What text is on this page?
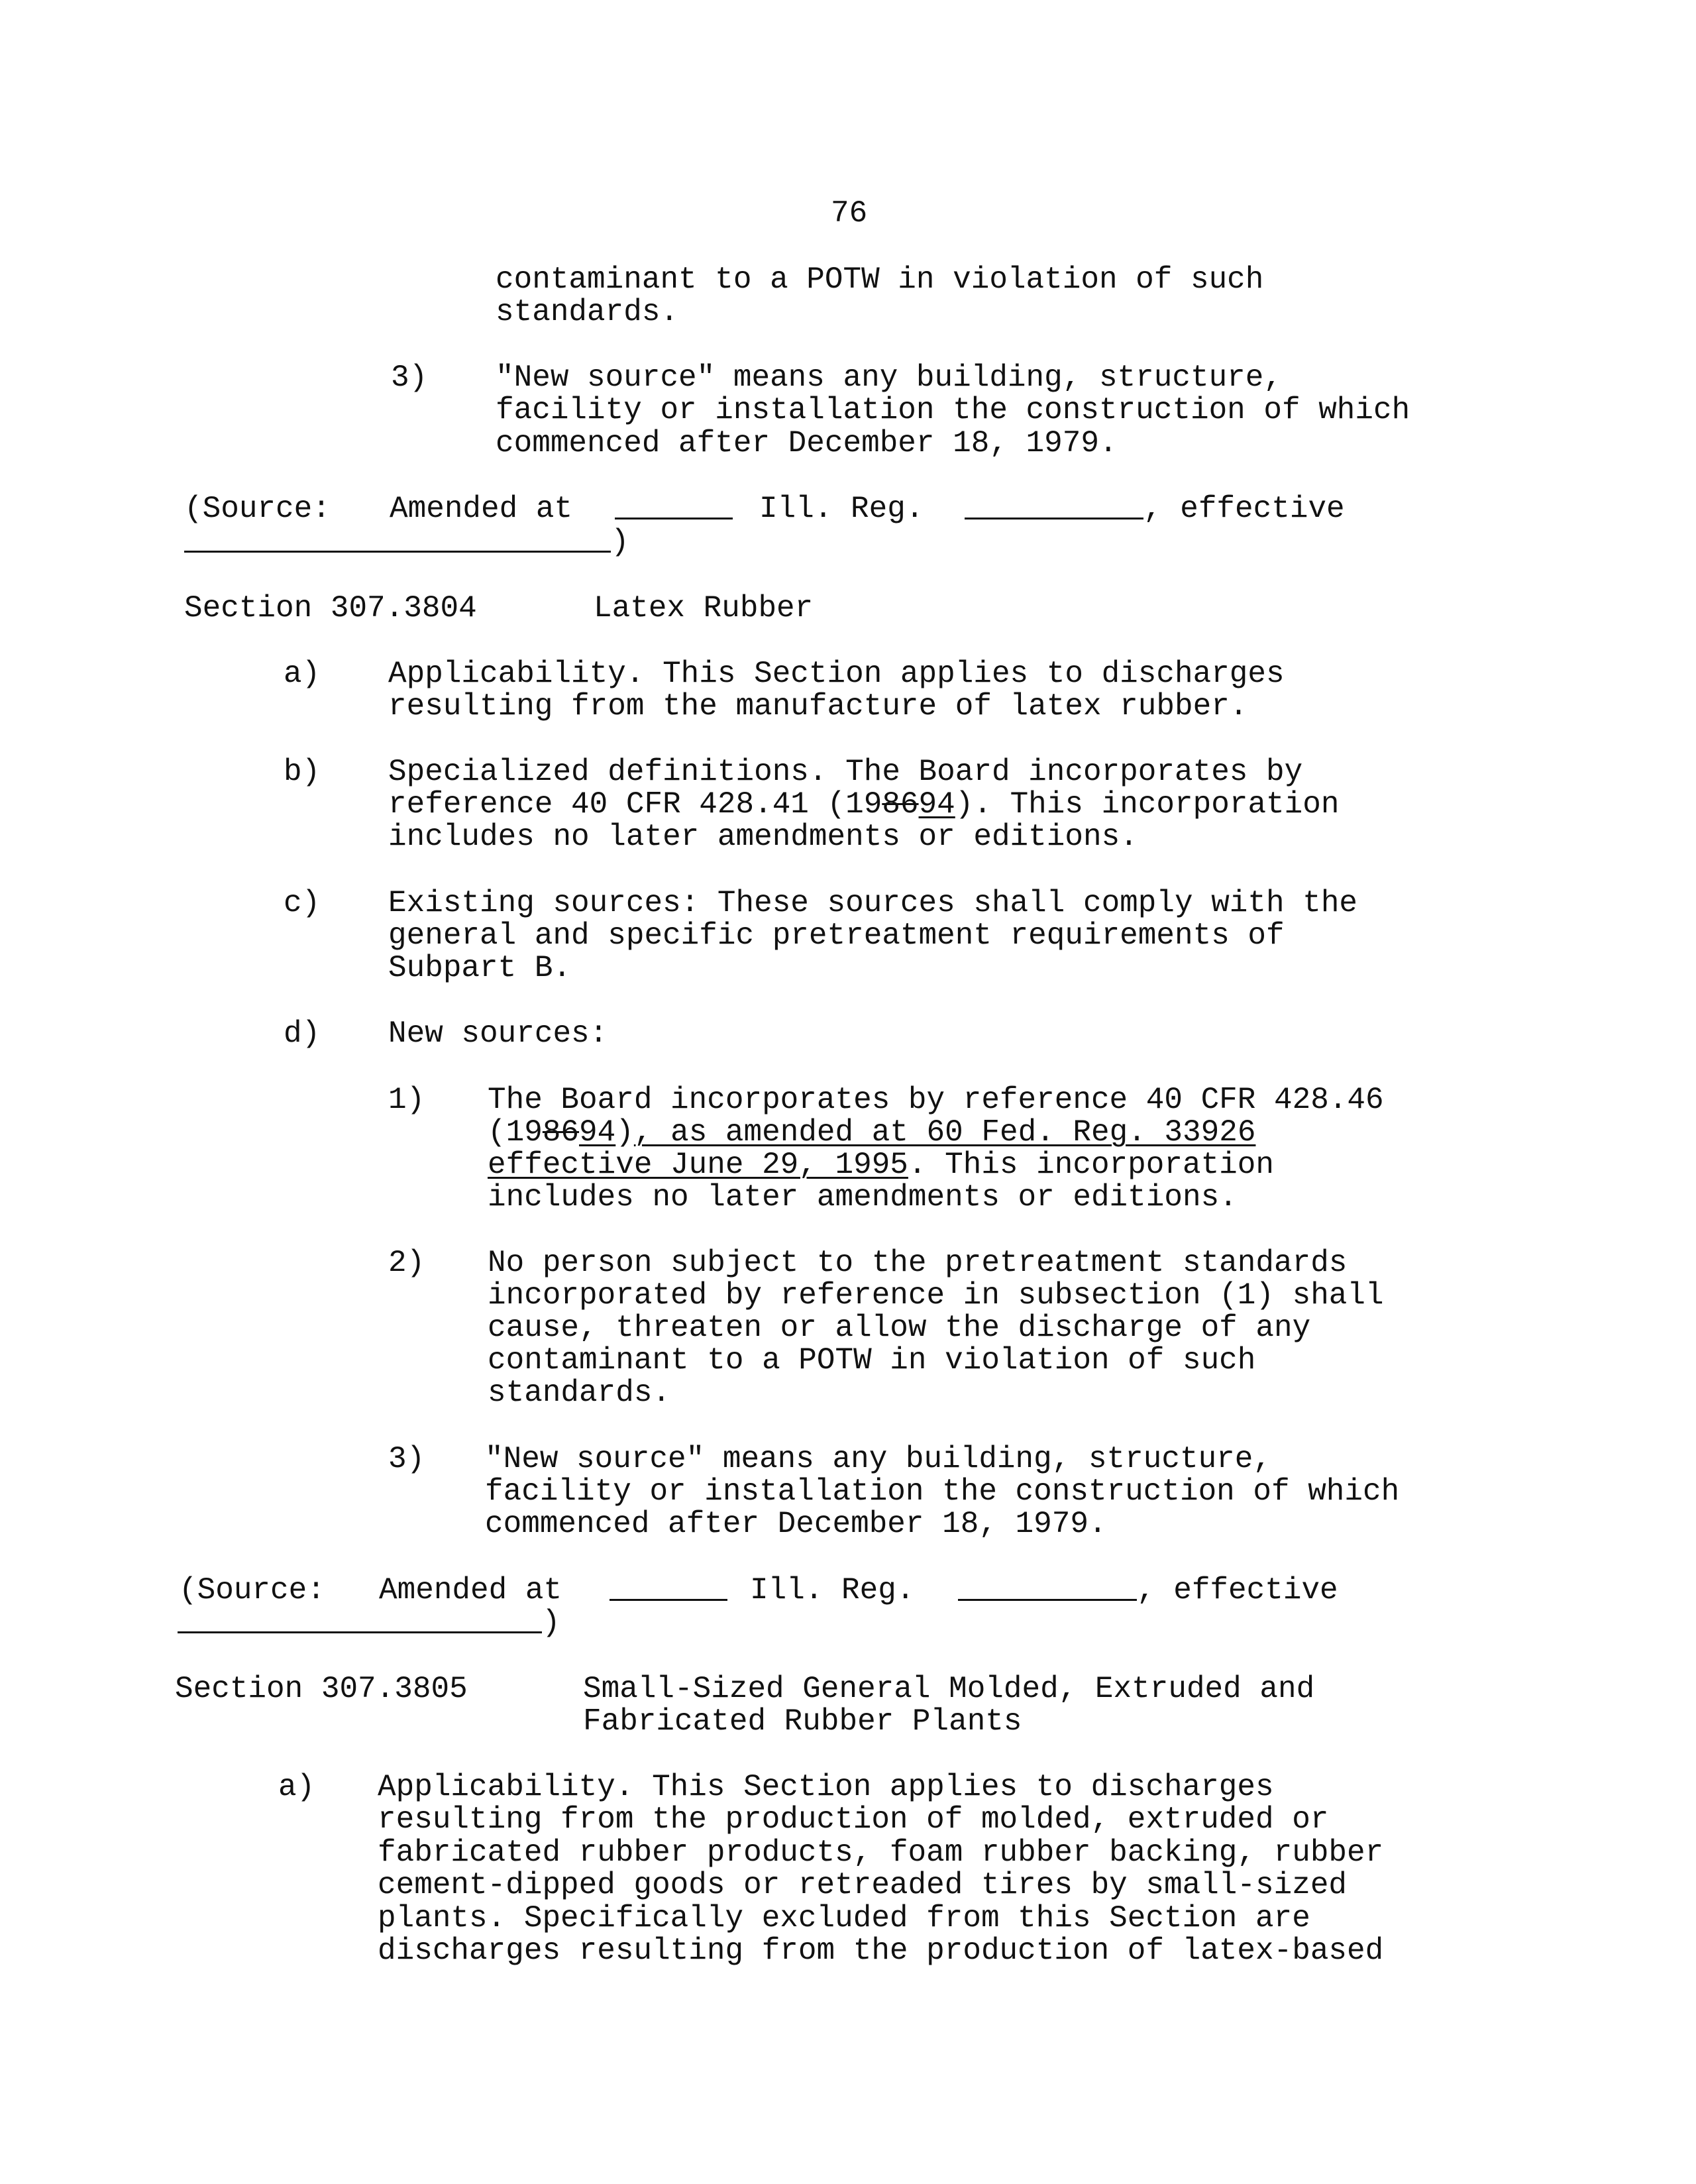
76
contaminant to a POTW in violation of such
standards.
3) "New source" means any building, structure,
facility or installation the construction of which
commenced after December 18, 1979.
(Source: Amended at	Ill. Reg.	, effective
)
Section 307.3804	Latex Rubber
a) Applicability. This Section applies to discharges
resulting from the manufacture of latex rubber.
b) Specialized definitions. The Board incorporates by
reference 40 CFR 428.41 (198694). This incorporation
includes no later amendments or editions.
c) Existing sources: These sources shall comply with the
general and specific pretreatment requirements of
Subpart B.
d) New sources:
1) The Board incorporates by reference 40 CFR 428.46
(198694), as amended at 60 Fed. Reg. 33926
effective June 29, 1995. This incorporation
includes no later amendments or editions.
2) No person subject to the pretreatment standards
incorporated by reference in subsection (1) shall
cause, threaten or allow the discharge of any
contaminant to a POTW in violation of such
standards.
3) "New source" means any building, structure,
facility or installation the construction of which
commenced after December 18, 1979.
(Source: Amended at	Ill. Reg.	, effective
)
Section 307.3805	Small-Sized General Molded, Extruded and
Fabricated Rubber Plants
a) Applicability. This Section applies to discharges
resulting from the production of molded, extruded or
fabricated rubber products, foam rubber backing, rubber
cement-dipped goods or retreaded tires by small-sized
plants. Specifically excluded from this Section are
discharges resulting from the production of latex-based
